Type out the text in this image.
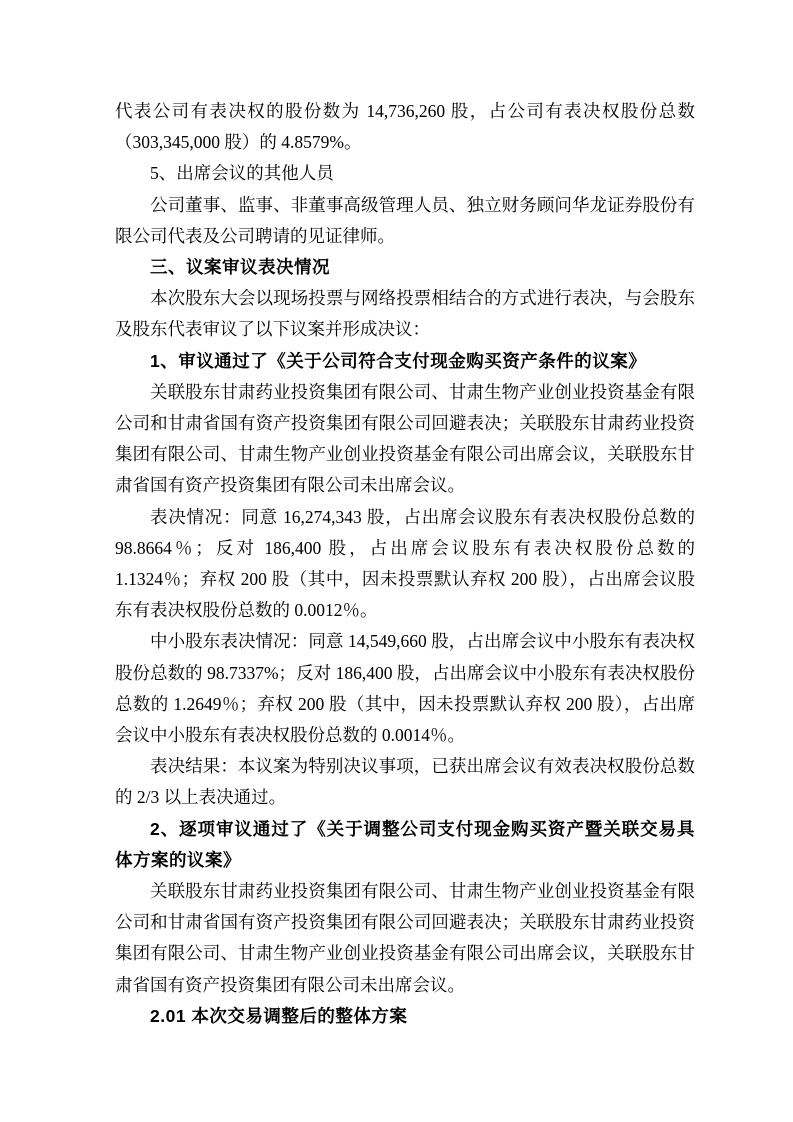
代表公司有表决权的股份数为 14,736,260 股，占公司有表决权股份总数（303,345,000 股）的 4.8579%。

5、出席会议的其他人员

公司董事、监事、非董事高级管理人员、独立财务顾问华龙证券股份有限公司代表及公司聘请的见证律师。

三、议案审议表决情况

本次股东大会以现场投票与网络投票相结合的方式进行表决，与会股东及股东代表审议了以下议案并形成决议：

1、审议通过了《关于公司符合支付现金购买资产条件的议案》

关联股东甘肃药业投资集团有限公司、甘肃生物产业创业投资基金有限公司和甘肃省国有资产投资集团有限公司回避表决；关联股东甘肃药业投资集团有限公司、甘肃生物产业创业投资基金有限公司出席会议，关联股东甘肃省国有资产投资集团有限公司未出席会议。

表决情况：同意 16,274,343 股，占出席会议股东有表决权股份总数的 98.8664％；反对 186,400 股，占出席会议股东有表决权股份总数的 1.1324％；弃权 200 股（其中，因未投票默认弃权 200 股），占出席会议股东有表决权股份总数的 0.0012％。

中小股东表决情况：同意 14,549,660 股，占出席会议中小股东有表决权股份总数的 98.7337%；反对 186,400 股，占出席会议中小股东有表决权股份总数的 1.2649％；弃权 200 股（其中，因未投票默认弃权 200 股），占出席会议中小股东有表决权股份总数的 0.0014％。

表决结果：本议案为特别决议事项，已获出席会议有效表决权股份总数的 2/3 以上表决通过。

2、逐项审议通过了《关于调整公司支付现金购买资产暨关联交易具体方案的议案》

关联股东甘肃药业投资集团有限公司、甘肃生物产业创业投资基金有限公司和甘肃省国有资产投资集团有限公司回避表决；关联股东甘肃药业投资集团有限公司、甘肃生物产业创业投资基金有限公司出席会议，关联股东甘肃省国有资产投资集团有限公司未出席会议。

2.01 本次交易调整后的整体方案
